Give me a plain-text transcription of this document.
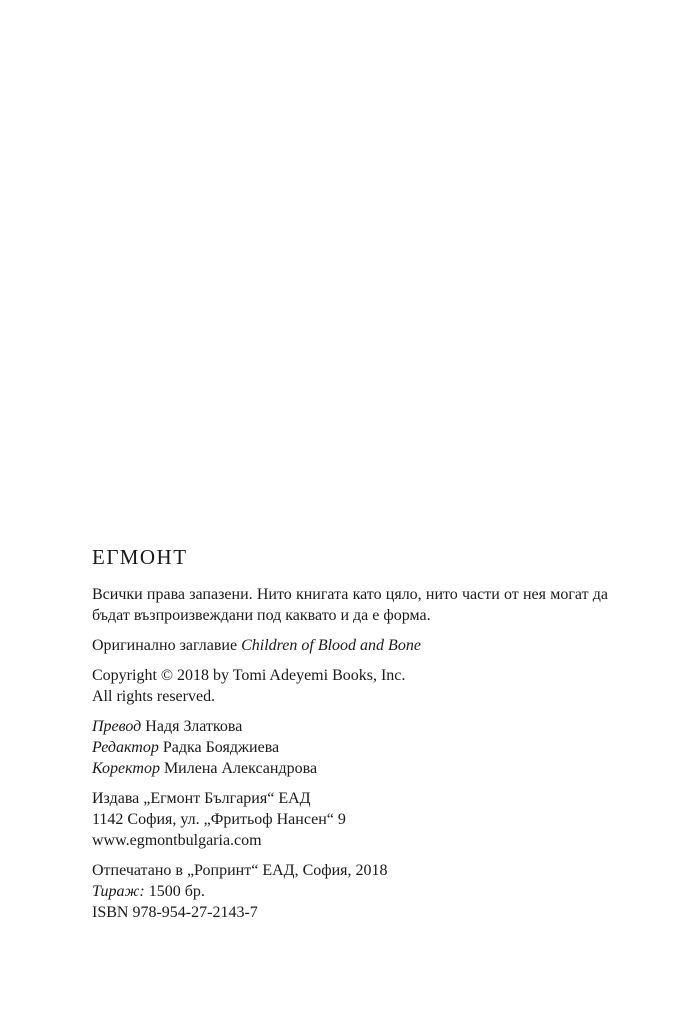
ЕГМОНТ
Всички права запазени. Нито книгата като цяло, нито части от нея могат да бъдат възпроизвеждани под каквато и да е форма.
Оригинално заглавие Children of Blood and Bone
Copyright © 2018 by Tomi Adeyemi Books, Inc.
All rights reserved.
Превод Надя Златкова
Редактор Радка Бояджиева
Коректор Милена Александрова
Издава „Егмонт България“ ЕАД
1142 София, ул. „Фритьоф Нансен“ 9
www.egmontbulgaria.com
Отпечатано в „Ропринт“ ЕАД, София, 2018
Тираж: 1500 бр.
ISBN 978-954-27-2143-7
